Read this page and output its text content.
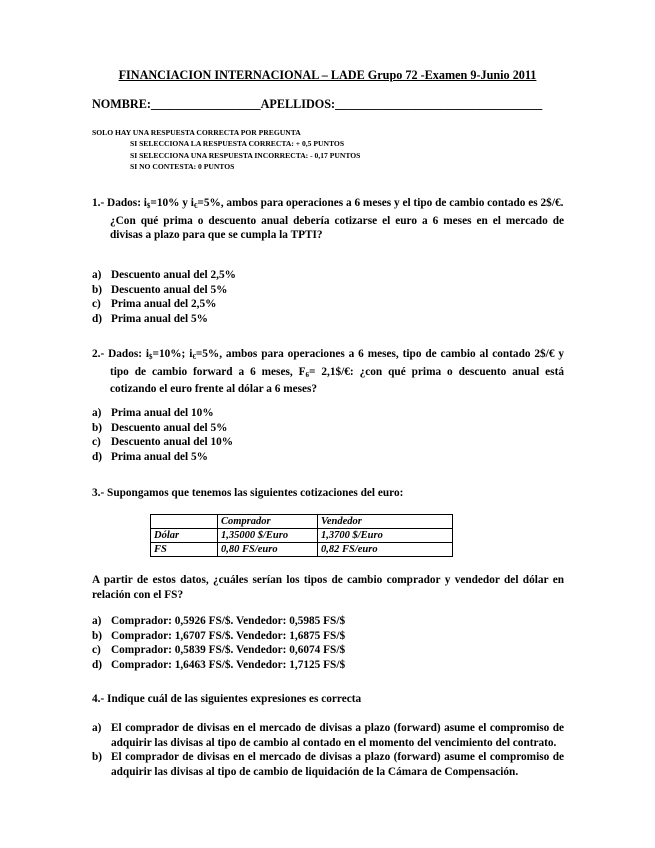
FINANCIACION INTERNACIONAL – LADE Grupo 72 -Examen 9-Junio 2011
NOMBRE:__________________APELLIDOS:__________________________________
SOLO HAY UNA RESPUESTA CORRECTA POR PREGUNTA
SI SELECCIONA LA RESPUESTA CORRECTA: + 0,5 PUNTOS
SI SELECCIONA UNA RESPUESTA INCORRECTA: - 0,17 PUNTOS
SI NO CONTESTA: 0 PUNTOS
1.- Dados: $i_{\$}=10\%$ y $i_€=5\%$, ambos para operaciones a 6 meses y el tipo de cambio contado es 2$/€.
¿Con qué prima o descuento anual debería cotizarse el euro a 6 meses en el mercado de divisas a plazo para que se cumpla la TPTI?
a) Descuento anual del 2,5%
b) Descuento anual del 5%
c) Prima anual del 2,5%
d) Prima anual del 5%
2.- Dados: $i_{\$}=10\%$; $i_€=5\%$, ambos para operaciones a 6 meses, tipo de cambio al contado 2$/€ y tipo de cambio forward a 6 meses, $F_6=$ 2,1$/€: ¿con qué prima o descuento anual está cotizando el euro frente al dólar a 6 meses?
a) Prima anual del 10%
b) Descuento anual del 5%
c) Descuento anual del 10%
d) Prima anual del 5%
3.- Supongamos que tenemos las siguientes cotizaciones del euro:
	Comprador	Vendedor
Dólar	1,35000 $/Euro	1,3700 $/Euro
FS	0,80 FS/euro	0,82 FS/euro
A partir de estos datos, ¿cuáles serían los tipos de cambio comprador y vendedor del dólar en relación con el FS?
a) Comprador: 0,5926 FS/$. Vendedor: 0,5985 FS/$
b) Comprador: 1,6707 FS/$. Vendedor: 1,6875 FS/$
c) Comprador: 0,5839 FS/$. Vendedor: 0,6074 FS/$
d) Comprador: 1,6463 FS/$. Vendedor: 1,7125 FS/$
4.- Indique cuál de las siguientes expresiones es correcta
a) El comprador de divisas en el mercado de divisas a plazo (forward) asume el compromiso de adquirir las divisas al tipo de cambio al contado en el momento del vencimiento del contrato.
b) El comprador de divisas en el mercado de divisas a plazo (forward) asume el compromiso de adquirir las divisas al tipo de cambio de liquidación de la Cámara de Compensación.
